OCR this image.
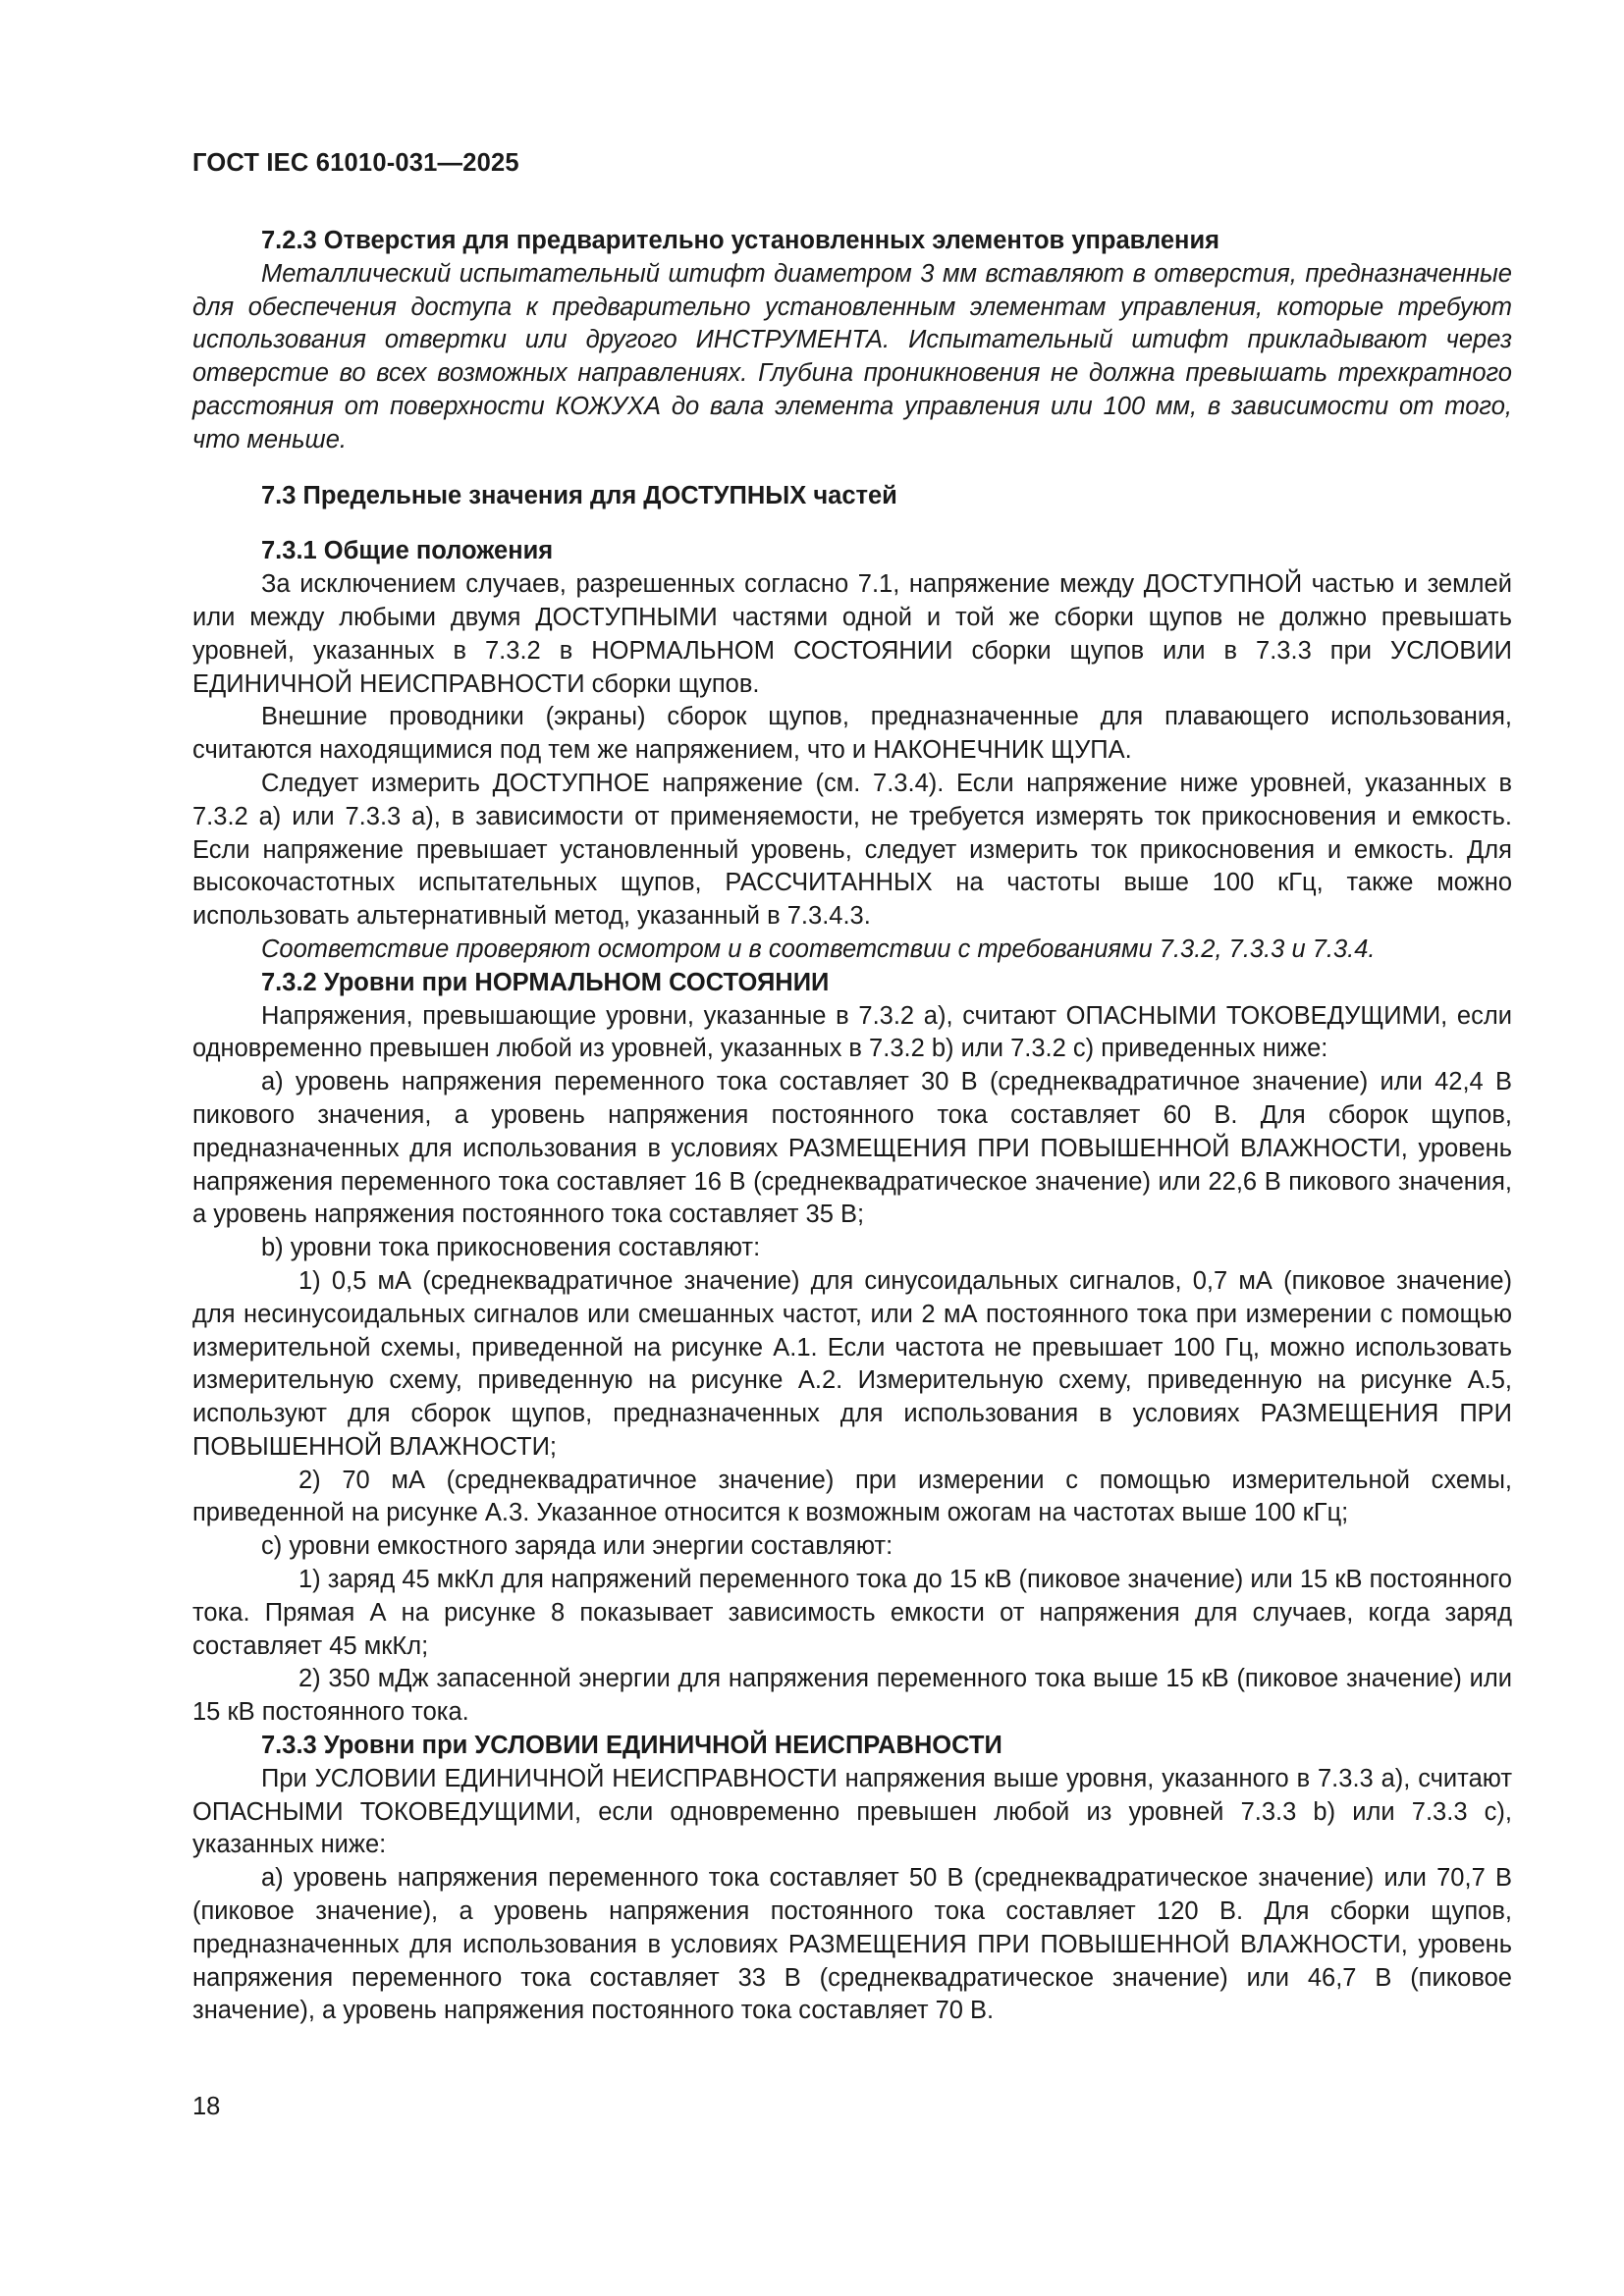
ГОСТ IEC 61010-031—2025

7.2.3 Отверстия для предварительно установленных элементов управления

Металлический испытательный штифт диаметром 3 мм вставляют в отверстия, предназначенные для обеспечения доступа к предварительно установленным элементам управления, которые требуют использования отвертки или другого ИНСТРУМЕНТА. Испытательный штифт прикладывают через отверстие во всех возможных направлениях. Глубина проникновения не должна превышать трехкратного расстояния от поверхности КОЖУХА до вала элемента управления или 100 мм, в зависимости от того, что меньше.

7.3 Предельные значения для ДОСТУПНЫХ частей

7.3.1 Общие положения

За исключением случаев, разрешенных согласно 7.1, напряжение между ДОСТУПНОЙ частью и землей или между любыми двумя ДОСТУПНЫМИ частями одной и той же сборки щупов не должно превышать уровней, указанных в 7.3.2 в НОРМАЛЬНОМ СОСТОЯНИИ сборки щупов или в 7.3.3 при УСЛОВИИ ЕДИНИЧНОЙ НЕИСПРАВНОСТИ сборки щупов.

Внешние проводники (экраны) сборок щупов, предназначенные для плавающего использования, считаются находящимися под тем же напряжением, что и НАКОНЕЧНИК ЩУПА.

Следует измерить ДОСТУПНОЕ напряжение (см. 7.3.4). Если напряжение ниже уровней, указанных в 7.3.2 а) или 7.3.3 а), в зависимости от применяемости, не требуется измерять ток прикосновения и емкость. Если напряжение превышает установленный уровень, следует измерить ток прикосновения и емкость. Для высокочастотных испытательных щупов, РАССЧИТАННЫХ на частоты выше 100 кГц, также можно использовать альтернативный метод, указанный в 7.3.4.3.

Соответствие проверяют осмотром и в соответствии с требованиями 7.3.2, 7.3.3 и 7.3.4.

7.3.2 Уровни при НОРМАЛЬНОМ СОСТОЯНИИ

Напряжения, превышающие уровни, указанные в 7.3.2 а), считают ОПАСНЫМИ ТОКОВЕДУЩИМИ, если одновременно превышен любой из уровней, указанных в 7.3.2 b) или 7.3.2 c) приведенных ниже:

а) уровень напряжения переменного тока составляет 30 В (среднеквадратичное значение) или 42,4 В пикового значения, а уровень напряжения постоянного тока составляет 60 В. Для сборок щупов, предназначенных для использования в условиях РАЗМЕЩЕНИЯ ПРИ ПОВЫШЕННОЙ ВЛАЖНОСТИ, уровень напряжения переменного тока составляет 16 В (среднеквадратическое значение) или 22,6 В пикового значения, а уровень напряжения постоянного тока составляет 35 В;

b) уровни тока прикосновения составляют:

1) 0,5 мА (среднеквадратичное значение) для синусоидальных сигналов, 0,7 мА (пиковое значение) для несинусоидальных сигналов или смешанных частот, или 2 мА постоянного тока при измерении с помощью измерительной схемы, приведенной на рисунке А.1. Если частота не превышает 100 Гц, можно использовать измерительную схему, приведенную на рисунке А.2. Измерительную схему, приведенную на рисунке А.5, используют для сборок щупов, предназначенных для использования в условиях РАЗМЕЩЕНИЯ ПРИ ПОВЫШЕННОЙ ВЛАЖНОСТИ;

2) 70 мА (среднеквадратичное значение) при измерении с помощью измерительной схемы, приведенной на рисунке А.3. Указанное относится к возможным ожогам на частотах выше 100 кГц;

с) уровни емкостного заряда или энергии составляют:

1) заряд 45 мкКл для напряжений переменного тока до 15 кВ (пиковое значение) или 15 кВ постоянного тока. Прямая А на рисунке 8 показывает зависимость емкости от напряжения для случаев, когда заряд составляет 45 мкКл;

2) 350 мДж запасенной энергии для напряжения переменного тока выше 15 кВ (пиковое значение) или 15 кВ постоянного тока.

7.3.3 Уровни при УСЛОВИИ ЕДИНИЧНОЙ НЕИСПРАВНОСТИ

При УСЛОВИИ ЕДИНИЧНОЙ НЕИСПРАВНОСТИ напряжения выше уровня, указанного в 7.3.3 а), считают ОПАСНЫМИ ТОКОВЕДУЩИМИ, если одновременно превышен любой из уровней 7.3.3 b) или 7.3.3 c), указанных ниже:

а) уровень напряжения переменного тока составляет 50 В (среднеквадратическое значение) или 70,7 В (пиковое значение), а уровень напряжения постоянного тока составляет 120 В. Для сборки щупов, предназначенных для использования в условиях РАЗМЕЩЕНИЯ ПРИ ПОВЫШЕННОЙ ВЛАЖНОСТИ, уровень напряжения переменного тока составляет 33 В (среднеквадратическое значение) или 46,7 В (пиковое значение), а уровень напряжения постоянного тока составляет 70 В.

18
